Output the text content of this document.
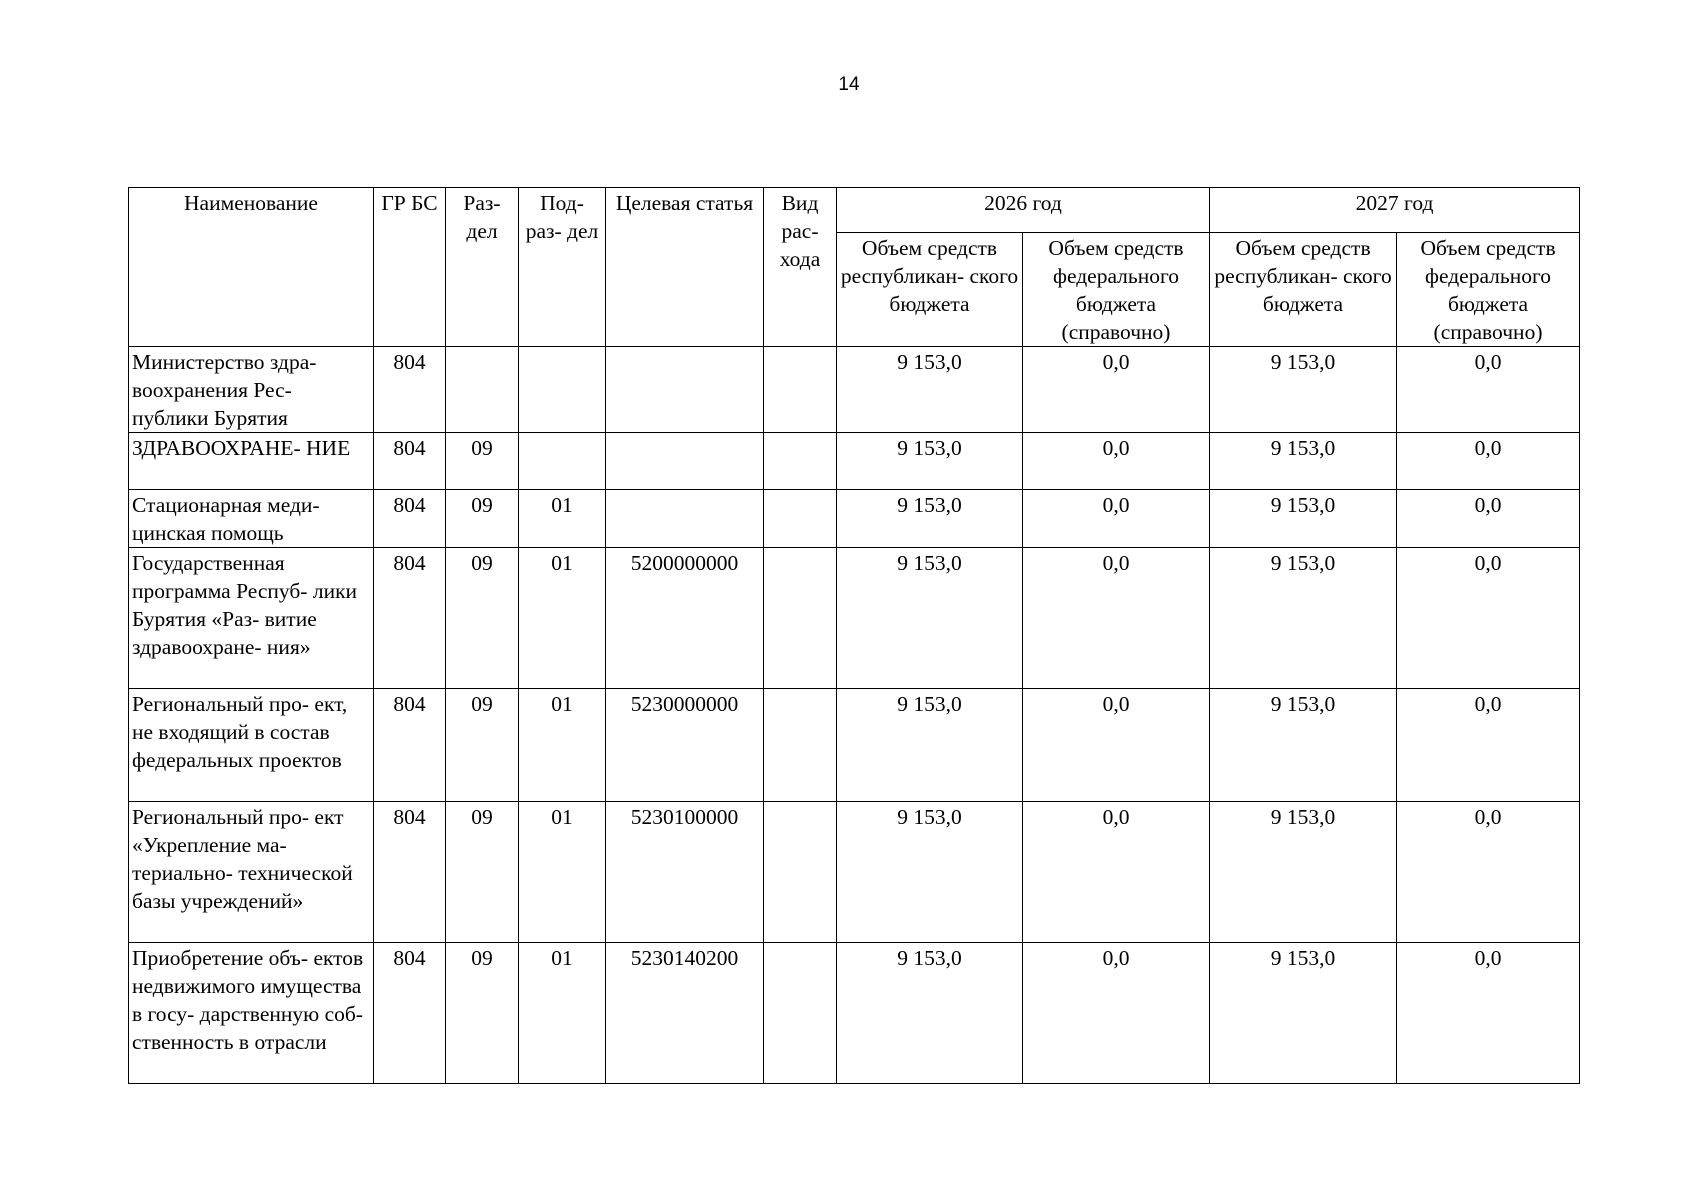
14
Наименование	ГР БС	Раз- дел	Под- раз- дел	Целевая статья	Вид рас- хода	2026 год		2027 год	
						Объем средств республикан- ского бюджета	Объем средств федерального бюджета (справочно)	Объем средств республикан- ского бюджета	Объем средств федерального бюджета (справочно)
Министерство здра- воохранения Рес- публики Бурятия	804					9 153,0	0,0	9 153,0	0,0
ЗДРАВООХРАНЕ- НИЕ	804	09				9 153,0	0,0	9 153,0	0,0
Стационарная меди- цинская помощь	804	09	01			9 153,0	0,0	9 153,0	0,0
Государственная программа Респуб- лики Бурятия «Раз- витие здравоохране- ния»	804	09	01	5200000000		9 153,0	0,0	9 153,0	0,0
Региональный про- ект, не входящий в состав федеральных проектов	804	09	01	5230000000		9 153,0	0,0	9 153,0	0,0
Региональный про- ект «Укрепление ма- териально- технической базы учреждений»	804	09	01	5230100000		9 153,0	0,0	9 153,0	0,0
Приобретение объ- ектов недвижимого имущества в госу- дарственную соб- ственность в отрасли	804	09	01	5230140200		9 153,0	0,0	9 153,0	0,0
